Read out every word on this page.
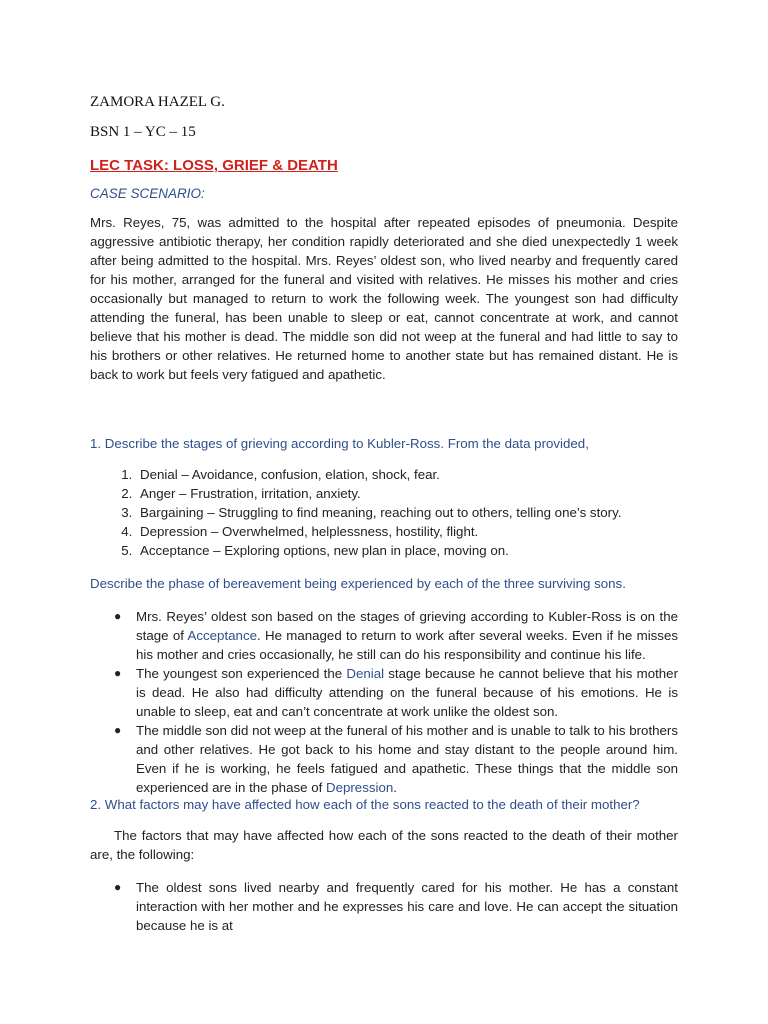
ZAMORA HAZEL G.

BSN 1 – YC – 15

LEC TASK: LOSS, GRIEF & DEATH

CASE SCENARIO:

Mrs. Reyes, 75, was admitted to the hospital after repeated episodes of pneumonia. Despite aggressive antibiotic therapy, her condition rapidly deteriorated and she died unexpectedly 1 week after being admitted to the hospital. Mrs. Reyes’ oldest son, who lived nearby and frequently cared for his mother, arranged for the funeral and visited with relatives. He misses his mother and cries occasionally but managed to return to work the following week. The youngest son had difficulty attending the funeral, has been unable to sleep or eat, cannot concentrate at work, and cannot believe that his mother is dead. The middle son did not weep at the funeral and had little to say to his brothers or other relatives. He returned home to another state but has remained distant. He is back to work but feels very fatigued and apathetic.

1. Describe the stages of grieving according to Kubler-Ross. From the data provided,

1. Denial – Avoidance, confusion, elation, shock, fear.
2. Anger – Frustration, irritation, anxiety.
3. Bargaining – Struggling to find meaning, reaching out to others, telling one’s story.
4. Depression – Overwhelmed, helplessness, hostility, flight.
5. Acceptance – Exploring options, new plan in place, moving on.

Describe the phase of bereavement being experienced by each of the three surviving sons.

● Mrs. Reyes’ oldest son based on the stages of grieving according to Kubler-Ross is on the stage of Acceptance. He managed to return to work after several weeks. Even if he misses his mother and cries occasionally, he still can do his responsibility and continue his life.
● The youngest son experienced the Denial stage because he cannot believe that his mother is dead. He also had difficulty attending on the funeral because of his emotions. He is unable to sleep, eat and can’t concentrate at work unlike the oldest son.
● The middle son did not weep at the funeral of his mother and is unable to talk to his brothers and other relatives. He got back to his home and stay distant to the people around him. Even if he is working, he feels fatigued and apathetic. These things that the middle son experienced are in the phase of Depression.

2. What factors may have affected how each of the sons reacted to the death of their mother?

The factors that may have affected how each of the sons reacted to the death of their mother are, the following:

● The oldest sons lived nearby and frequently cared for his mother. He has a constant interaction with her mother and he expresses his care and love. He can accept the situation because he is at
